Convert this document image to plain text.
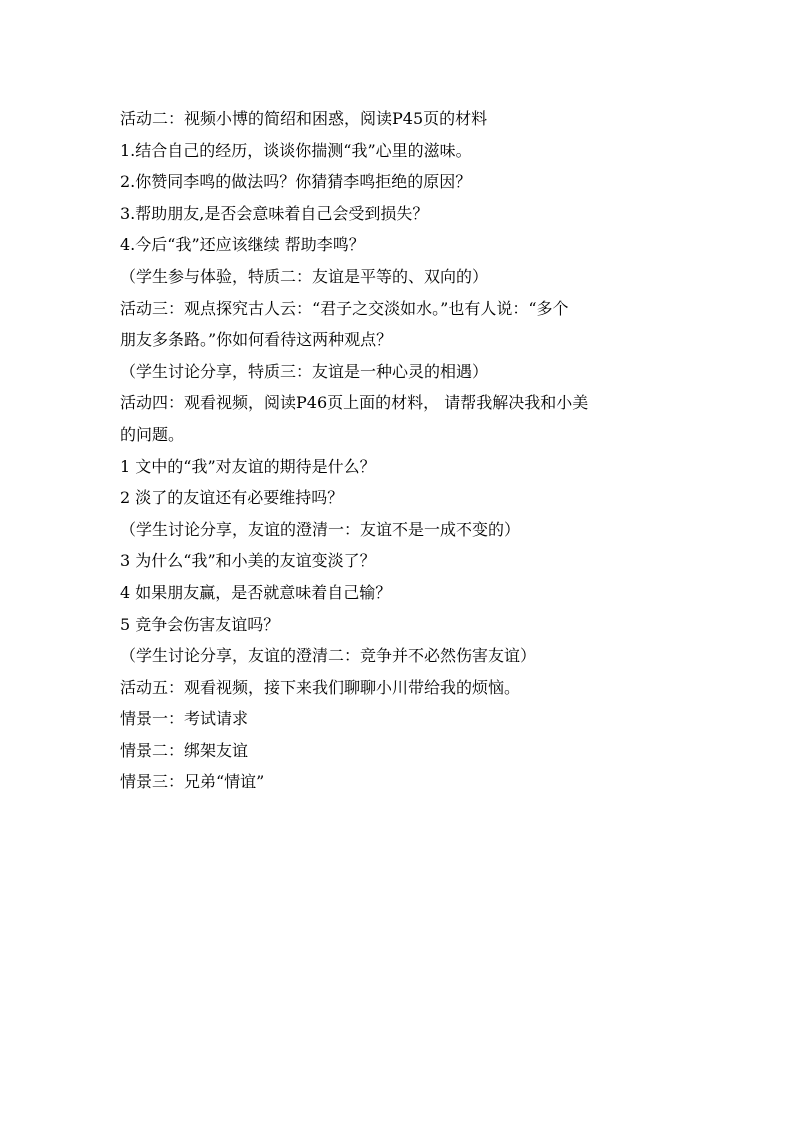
活动二：视频小博的简绍和困惑，阅读P45页的材料

1.结合自己的经历，谈谈你揣测“我”心里的滋味。

2.你赞同李鸣的做法吗？你猜猜李鸣拒绝的原因？

3.帮助朋友,是否会意味着自己会受到损失？

4.今后“我”还应该继续 帮助李鸣？

（学生参与体验，特质二：友谊是平等的、双向的）

活动三：观点探究古人云：“君子之交淡如水。”也有人说：“多个

朋友多条路。”你如何看待这两种观点？

（学生讨论分享，特质三：友谊是一种心灵的相遇）

活动四：观看视频，阅读P46页上面的材料， 请帮我解决我和小美

的问题。

1 文中的“我”对友谊的期待是什么？

2 淡了的友谊还有必要维持吗？

（学生讨论分享，友谊的澄清一：友谊不是一成不变的）

3 为什么“我”和小美的友谊变淡了？

4 如果朋友赢，是否就意味着自己输？

5 竞争会伤害友谊吗？

（学生讨论分享，友谊的澄清二：竞争并不必然伤害友谊）

活动五：观看视频，接下来我们聊聊小川带给我的烦恼。

情景一：考试请求

情景二：绑架友谊

情景三：兄弟“情谊”
